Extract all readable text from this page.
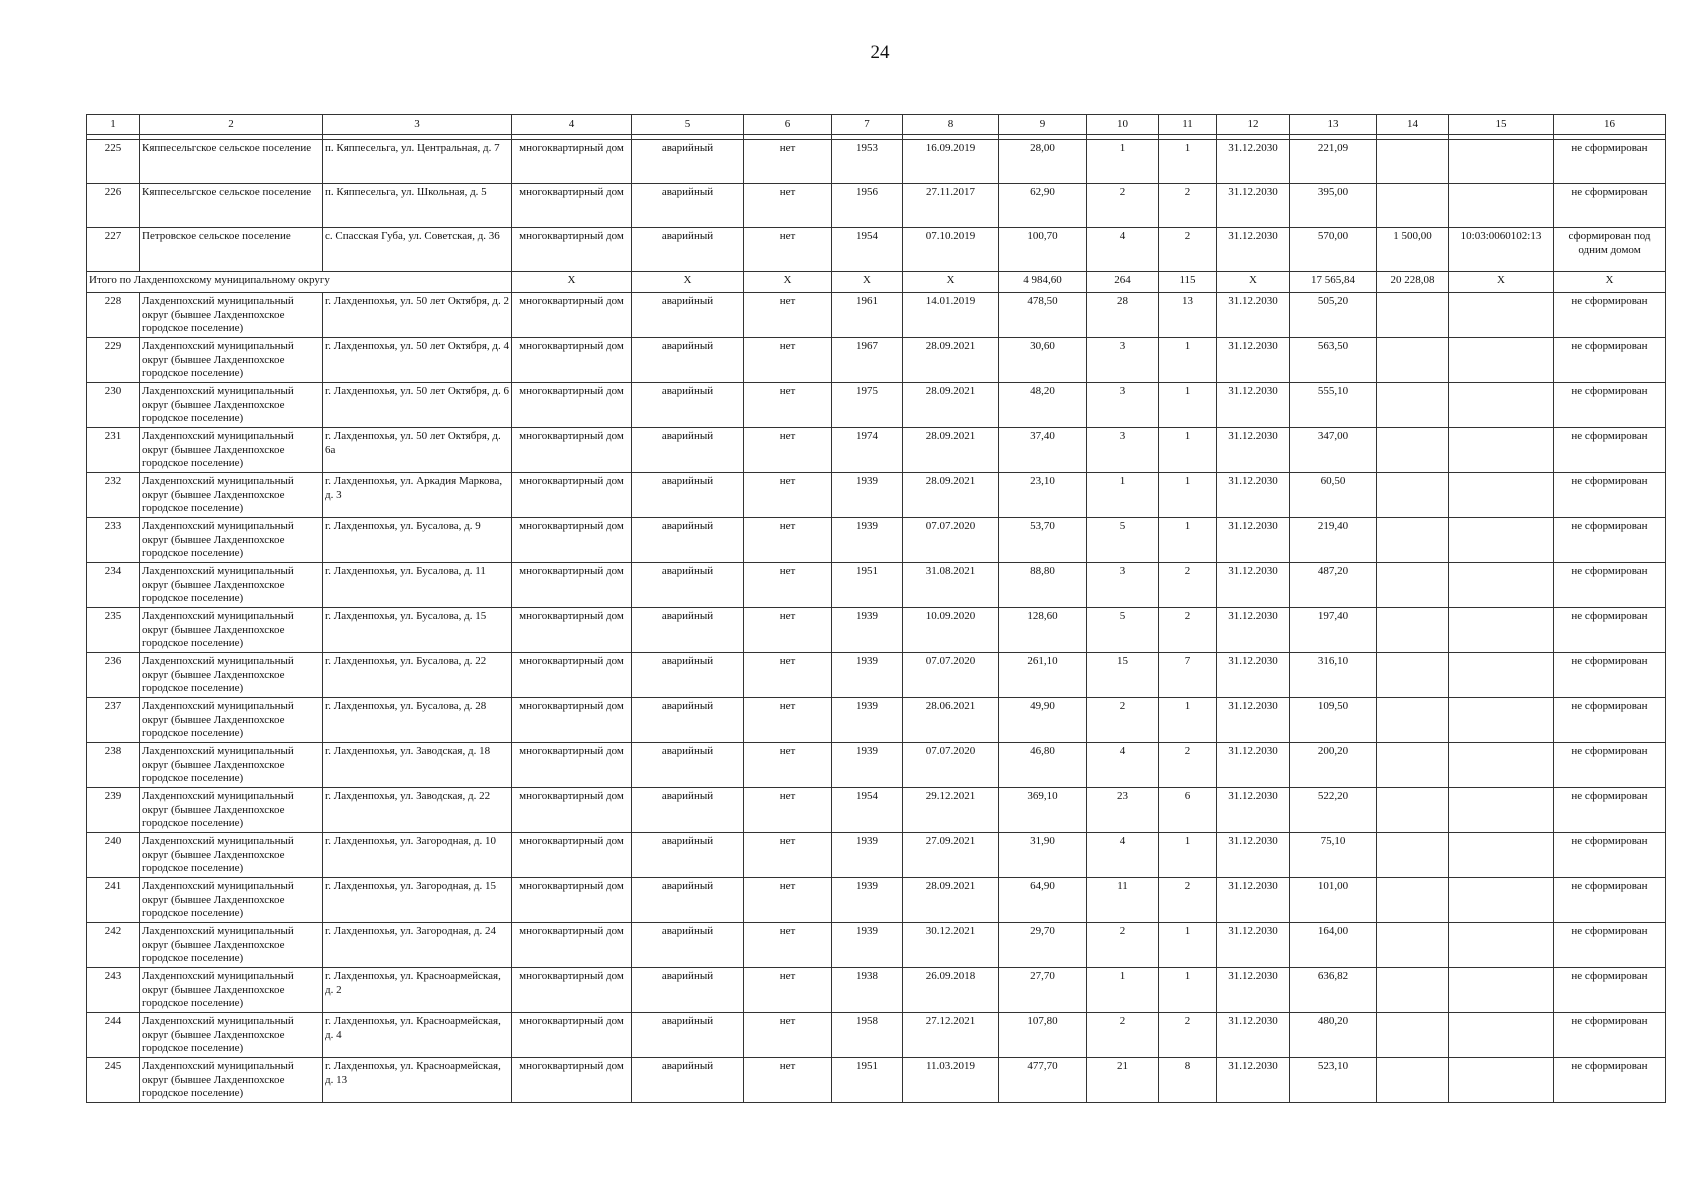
24
1	2	3	4	5	6	7	8	9	10	11	12	13	14	15	16

225	Кяппесельгское сельское поселение	п. Кяппесельга, ул. Центральная, д. 7	многоквартирный дом	аварийный	нет	1953	16.09.2019	28,00	1	1	31.12.2030	221,09			не сформирован
226	Кяппесельгское сельское поселение	п. Кяппесельга, ул. Школьная, д. 5	многоквартирный дом	аварийный	нет	1956	27.11.2017	62,90	2	2	31.12.2030	395,00			не сформирован
227	Петровское сельское поселение	с. Спасская Губа, ул. Советская, д. 36	многоквартирный дом	аварийный	нет	1954	07.10.2019	100,70	4	2	31.12.2030	570,00	1 500,00	10:03:0060102:13	сформирован под одним домом
Итого по Лахденпохскому муниципальному округу			X	X	X	X	X	4 984,60	264	115	X	17 565,84	20 228,08	X	X
228	Лахденпохский муниципальный округ (бывшее Лахденпохское городское поселение)	г. Лахденпохья, ул. 50 лет Октября, д. 2	многоквартирный дом	аварийный	нет	1961	14.01.2019	478,50	28	13	31.12.2030	505,20			не сформирован
229	Лахденпохский муниципальный округ (бывшее Лахденпохское городское поселение)	г. Лахденпохья, ул. 50 лет Октября, д. 4	многоквартирный дом	аварийный	нет	1967	28.09.2021	30,60	3	1	31.12.2030	563,50			не сформирован
230	Лахденпохский муниципальный округ (бывшее Лахденпохское городское поселение)	г. Лахденпохья, ул. 50 лет Октября, д. 6	многоквартирный дом	аварийный	нет	1975	28.09.2021	48,20	3	1	31.12.2030	555,10			не сформирован
231	Лахденпохский муниципальный округ (бывшее Лахденпохское городское поселение)	г. Лахденпохья, ул. 50 лет Октября, д. 6а	многоквартирный дом	аварийный	нет	1974	28.09.2021	37,40	3	1	31.12.2030	347,00			не сформирован
232	Лахденпохский муниципальный округ (бывшее Лахденпохское городское поселение)	г. Лахденпохья, ул. Аркадия Маркова, д. 3	многоквартирный дом	аварийный	нет	1939	28.09.2021	23,10	1	1	31.12.2030	60,50			не сформирован
233	Лахденпохский муниципальный округ (бывшее Лахденпохское городское поселение)	г. Лахденпохья, ул. Бусалова, д. 9	многоквартирный дом	аварийный	нет	1939	07.07.2020	53,70	5	1	31.12.2030	219,40			не сформирован
234	Лахденпохский муниципальный округ (бывшее Лахденпохское городское поселение)	г. Лахденпохья, ул. Бусалова, д. 11	многоквартирный дом	аварийный	нет	1951	31.08.2021	88,80	3	2	31.12.2030	487,20			не сформирован
235	Лахденпохский муниципальный округ (бывшее Лахденпохское городское поселение)	г. Лахденпохья, ул. Бусалова, д. 15	многоквартирный дом	аварийный	нет	1939	10.09.2020	128,60	5	2	31.12.2030	197,40			не сформирован
236	Лахденпохский муниципальный округ (бывшее Лахденпохское городское поселение)	г. Лахденпохья, ул. Бусалова, д. 22	многоквартирный дом	аварийный	нет	1939	07.07.2020	261,10	15	7	31.12.2030	316,10			не сформирован
237	Лахденпохский муниципальный округ (бывшее Лахденпохское городское поселение)	г. Лахденпохья, ул. Бусалова, д. 28	многоквартирный дом	аварийный	нет	1939	28.06.2021	49,90	2	1	31.12.2030	109,50			не сформирован
238	Лахденпохский муниципальный округ (бывшее Лахденпохское городское поселение)	г. Лахденпохья, ул. Заводская, д. 18	многоквартирный дом	аварийный	нет	1939	07.07.2020	46,80	4	2	31.12.2030	200,20			не сформирован
239	Лахденпохский муниципальный округ (бывшее Лахденпохское городское поселение)	г. Лахденпохья, ул. Заводская, д. 22	многоквартирный дом	аварийный	нет	1954	29.12.2021	369,10	23	6	31.12.2030	522,20			не сформирован
240	Лахденпохский муниципальный округ (бывшее Лахденпохское городское поселение)	г. Лахденпохья, ул. Загородная, д. 10	многоквартирный дом	аварийный	нет	1939	27.09.2021	31,90	4	1	31.12.2030	75,10			не сформирован
241	Лахденпохский муниципальный округ (бывшее Лахденпохское городское поселение)	г. Лахденпохья, ул. Загородная, д. 15	многоквартирный дом	аварийный	нет	1939	28.09.2021	64,90	11	2	31.12.2030	101,00			не сформирован
242	Лахденпохский муниципальный округ (бывшее Лахденпохское городское поселение)	г. Лахденпохья, ул. Загородная, д. 24	многоквартирный дом	аварийный	нет	1939	30.12.2021	29,70	2	1	31.12.2030	164,00			не сформирован
243	Лахденпохский муниципальный округ (бывшее Лахденпохское городское поселение)	г. Лахденпохья, ул. Красноармейская, д. 2	многоквартирный дом	аварийный	нет	1938	26.09.2018	27,70	1	1	31.12.2030	636,82			не сформирован
244	Лахденпохский муниципальный округ (бывшее Лахденпохское городское поселение)	г. Лахденпохья, ул. Красноармейская, д. 4	многоквартирный дом	аварийный	нет	1958	27.12.2021	107,80	2	2	31.12.2030	480,20			не сформирован
245	Лахденпохский муниципальный округ (бывшее Лахденпохское городское поселение)	г. Лахденпохья, ул. Красноармейская, д. 13	многоквартирный дом	аварийный	нет	1951	11.03.2019	477,70	21	8	31.12.2030	523,10			не сформирован
